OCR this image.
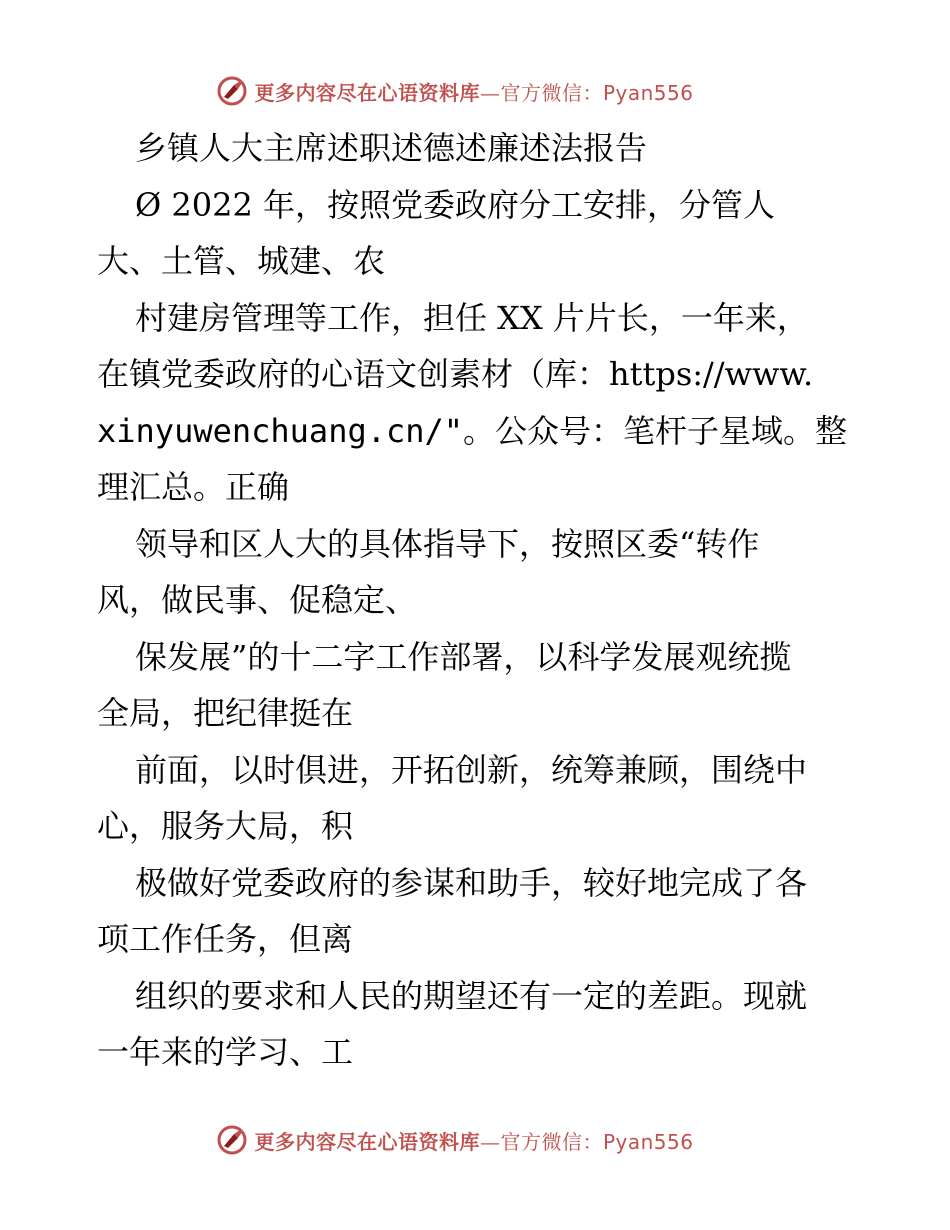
更多内容尽在心语资料库—官方微信：Pyan556
乡镇人大主席述职述德述廉述法报告
Ø 2022 年，按照党委政府分工安排，分管人
大、土管、城建、农
村建房管理等工作，担任 XX 片片长，一年来，
在镇党委政府的心语文创素材（库：https://www.
xinyuwenchuang.cn/"。公众号：笔杆子星域。整
理汇总。正确
领导和区人大的具体指导下，按照区委“转作
风，做民事、促稳定、
保发展”的十二字工作部署，以科学发展观统揽
全局，把纪律挺在
前面，以时俱进，开拓创新，统筹兼顾，围绕中
心，服务大局，积
极做好党委政府的参谋和助手，较好地完成了各
项工作任务，但离
组织的要求和人民的期望还有一定的差距。现就
一年来的学习、工
更多内容尽在心语资料库—官方微信：Pyan556
